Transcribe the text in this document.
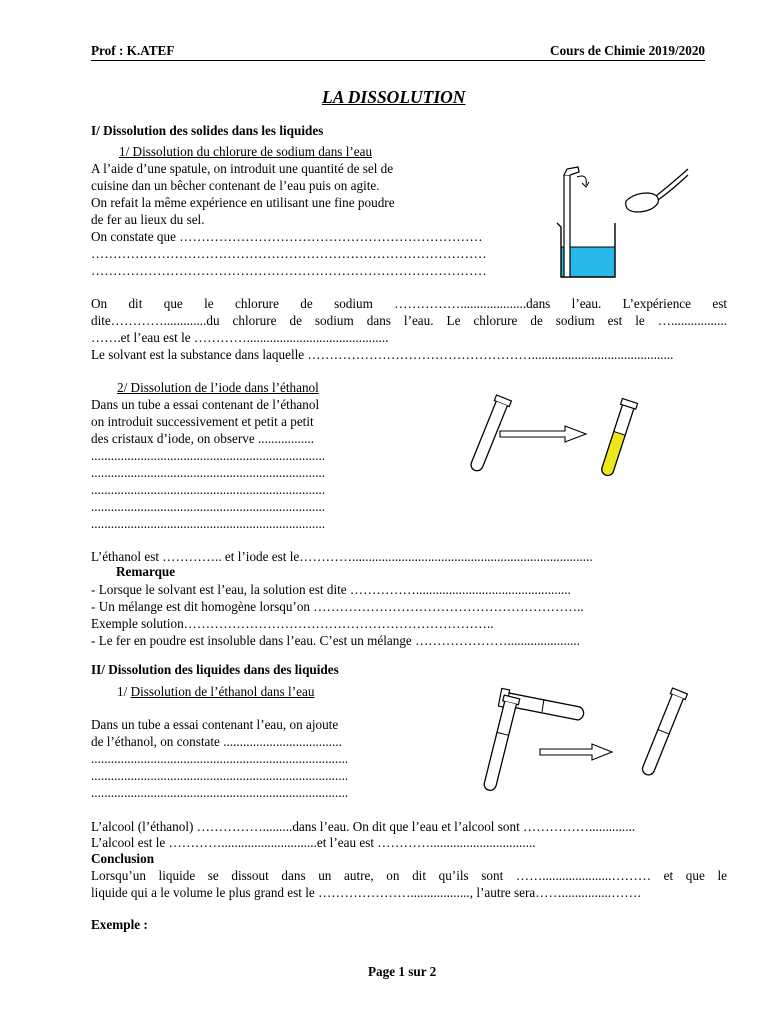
Prof : K.ATEF	Cours de Chimie 2019/2020
LA DISSOLUTION
I/ Dissolution des solides dans les liquides
1/ Dissolution du chlorure de sodium dans l’eau
A l’aide d’une spatule, on introduit une quantité de sel de
cuisine dan un bêcher contenant de l’eau puis on agite.
On refait la même expérience en utilisant une fine poudre
de fer au lieux du sel.
On constate que ……………………………………………………………
………………………………………………………………………………
………………………………………………………………………………
On dit que le chlorure de sodium ……………....................dans l’eau. L’expérience est
dite………….............du chlorure de sodium dans l’eau. Le chlorure de sodium est le ….................
…….et l’eau est le …………...........................................
Le solvant est la substance dans laquelle ……………………………………………...........................................
2/ Dissolution de l’iode dans l’éthanol
Dans un tube a essai contenant de l’éthanol
on introduit successivement et petit a petit
des cristaux d’iode, on observe .................
.......................................................................
.......................................................................
.......................................................................
.......................................................................
.......................................................................
L’éthanol est ………….. et l’iode est le………….........................................................................
Remarque
- Lorsque le solvant est l’eau, la solution est dite ……………...............................................
- Un mélange est dit homogène lorsqu’on ……………………………………………………..
Exemple solution……………………………………………………………..
- Le fer en poudre est insoluble dans l’eau. C’est un mélange …………………......................
II/ Dissolution des liquides dans des liquides
1/ Dissolution de l’éthanol dans l’eau
Dans un tube a essai contenant l’eau, on ajoute
de l’éthanol, on constate ....................................
..............................................................................
..............................................................................
..............................................................................
L’alcool (l’éthanol) …………….........dans l’eau. On dit que l’eau et l’alcool sont ……………..............
L’alcool est le ………….............................et l’eau est …………................................
Conclusion
Lorsqu’un liquide se dissout dans un autre, on dit qu’ils sont …….....................……… et que le
liquide qui a le volume le plus grand est le ………………….................., l’autre sera……...............…….
Exemple :
Page 1 sur 2
